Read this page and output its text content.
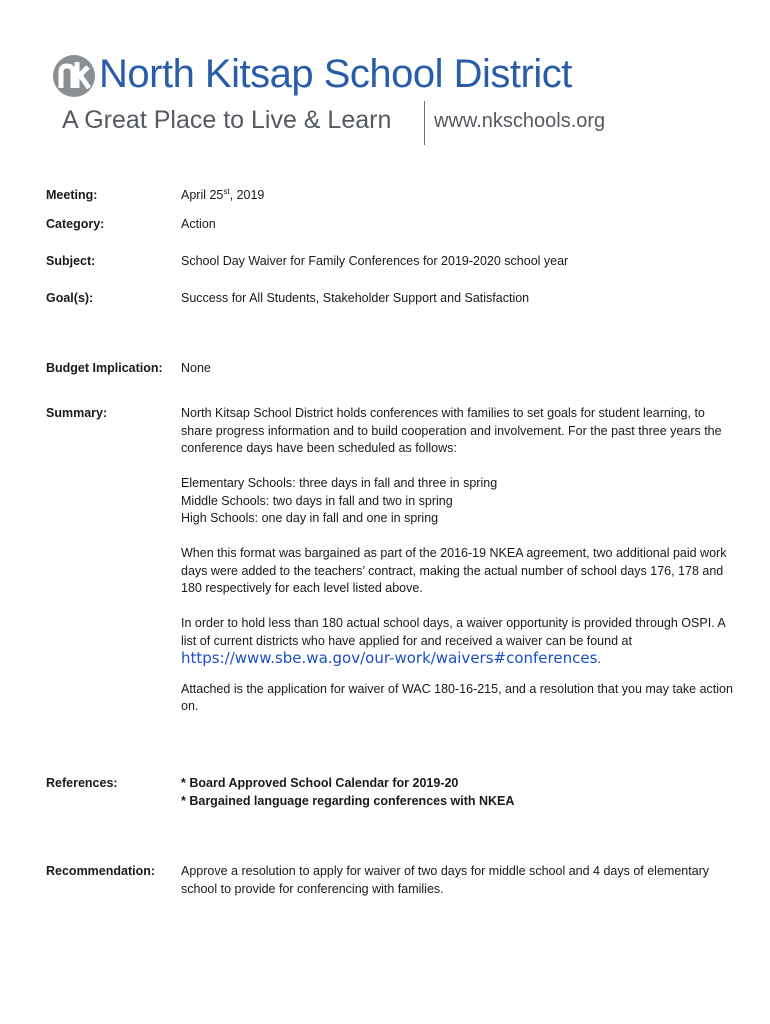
North Kitsap School District
A Great Place to Live & Learn www.nkschools.org
Meeting:	April 25st, 2019
Category:	Action
Subject:	School Day Waiver for Family Conferences for 2019-2020 school year
Goal(s):	Success for All Students, Stakeholder Support and Satisfaction
Budget Implication:	None
Summary:	North Kitsap School District holds conferences with families to set goals for student learning, to share progress information and to build cooperation and involvement. For the past three years the conference days have been scheduled as follows:

Elementary Schools: three days in fall and three in spring
Middle Schools: two days in fall and two in spring
High Schools: one day in fall and one in spring

When this format was bargained as part of the 2016-19 NKEA agreement, two additional paid work days were added to the teachers’ contract, making the actual number of school days 176, 178 and 180 respectively for each level listed above.

In order to hold less than 180 actual school days, a waiver opportunity is provided through OSPI. A list of current districts who have applied for and received a waiver can be found at
https://www.sbe.wa.gov/our-work/waivers#conferences.

Attached is the application for waiver of WAC 180-16-215, and a resolution that you may take action on.

References:	* Board Approved School Calendar for 2019-20
* Bargained language regarding conferences with NKEA
Recommendation:	Approve a resolution to apply for waiver of two days for middle school and 4 days of elementary school to provide for conferencing with families.
